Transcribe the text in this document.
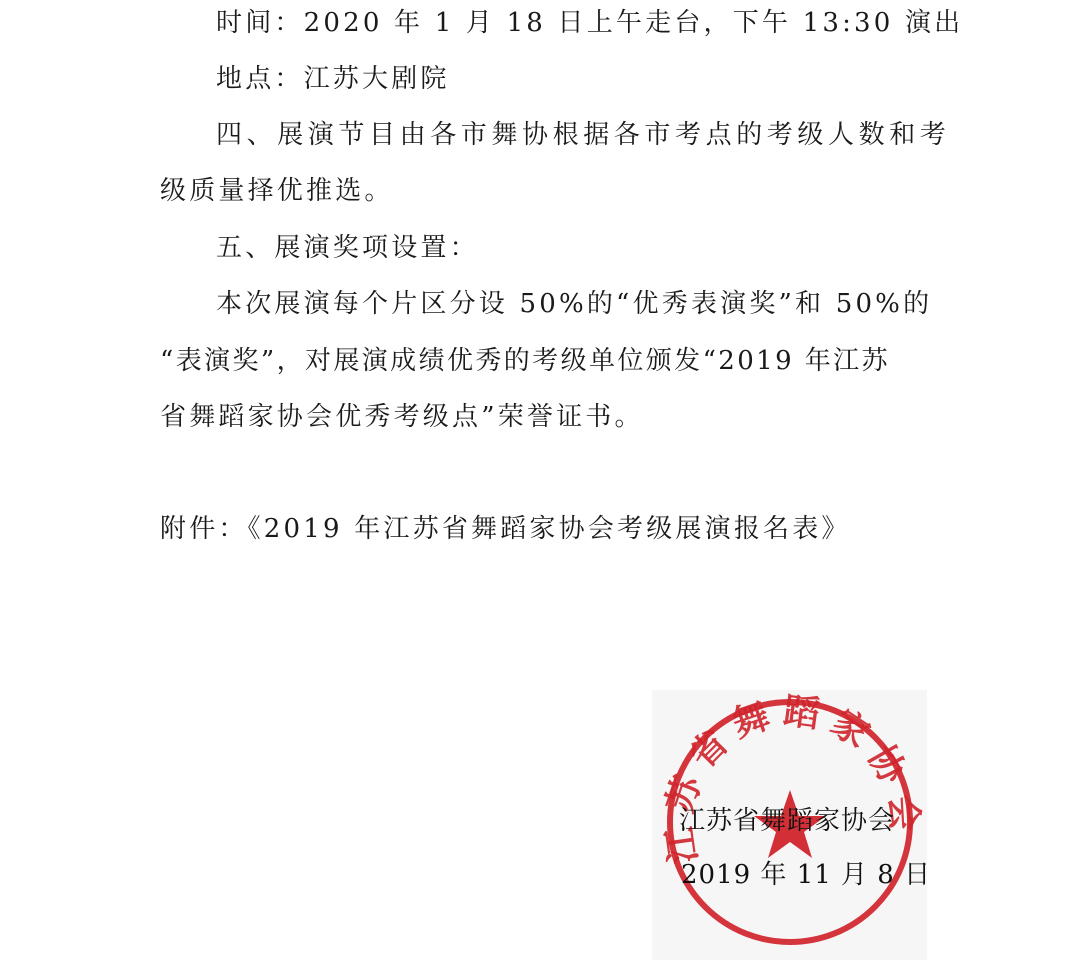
时间：2020 年 1 月 18 日上午走台，下午 13:30 演出
地点：江苏大剧院
四、展演节目由各市舞协根据各市考点的考级人数和考
级质量择优推选。
五、展演奖项设置：
本次展演每个片区分设 50%的“优秀表演奖”和 50%的
“表演奖”，对展演成绩优秀的考级单位颁发“2019 年江苏
省舞蹈家协会优秀考级点”荣誉证书。
附件：《2019 年江苏省舞蹈家协会考级展演报名表》
江苏省舞蹈家协会
江苏省舞蹈家协会
2019 年 11 月 8 日
